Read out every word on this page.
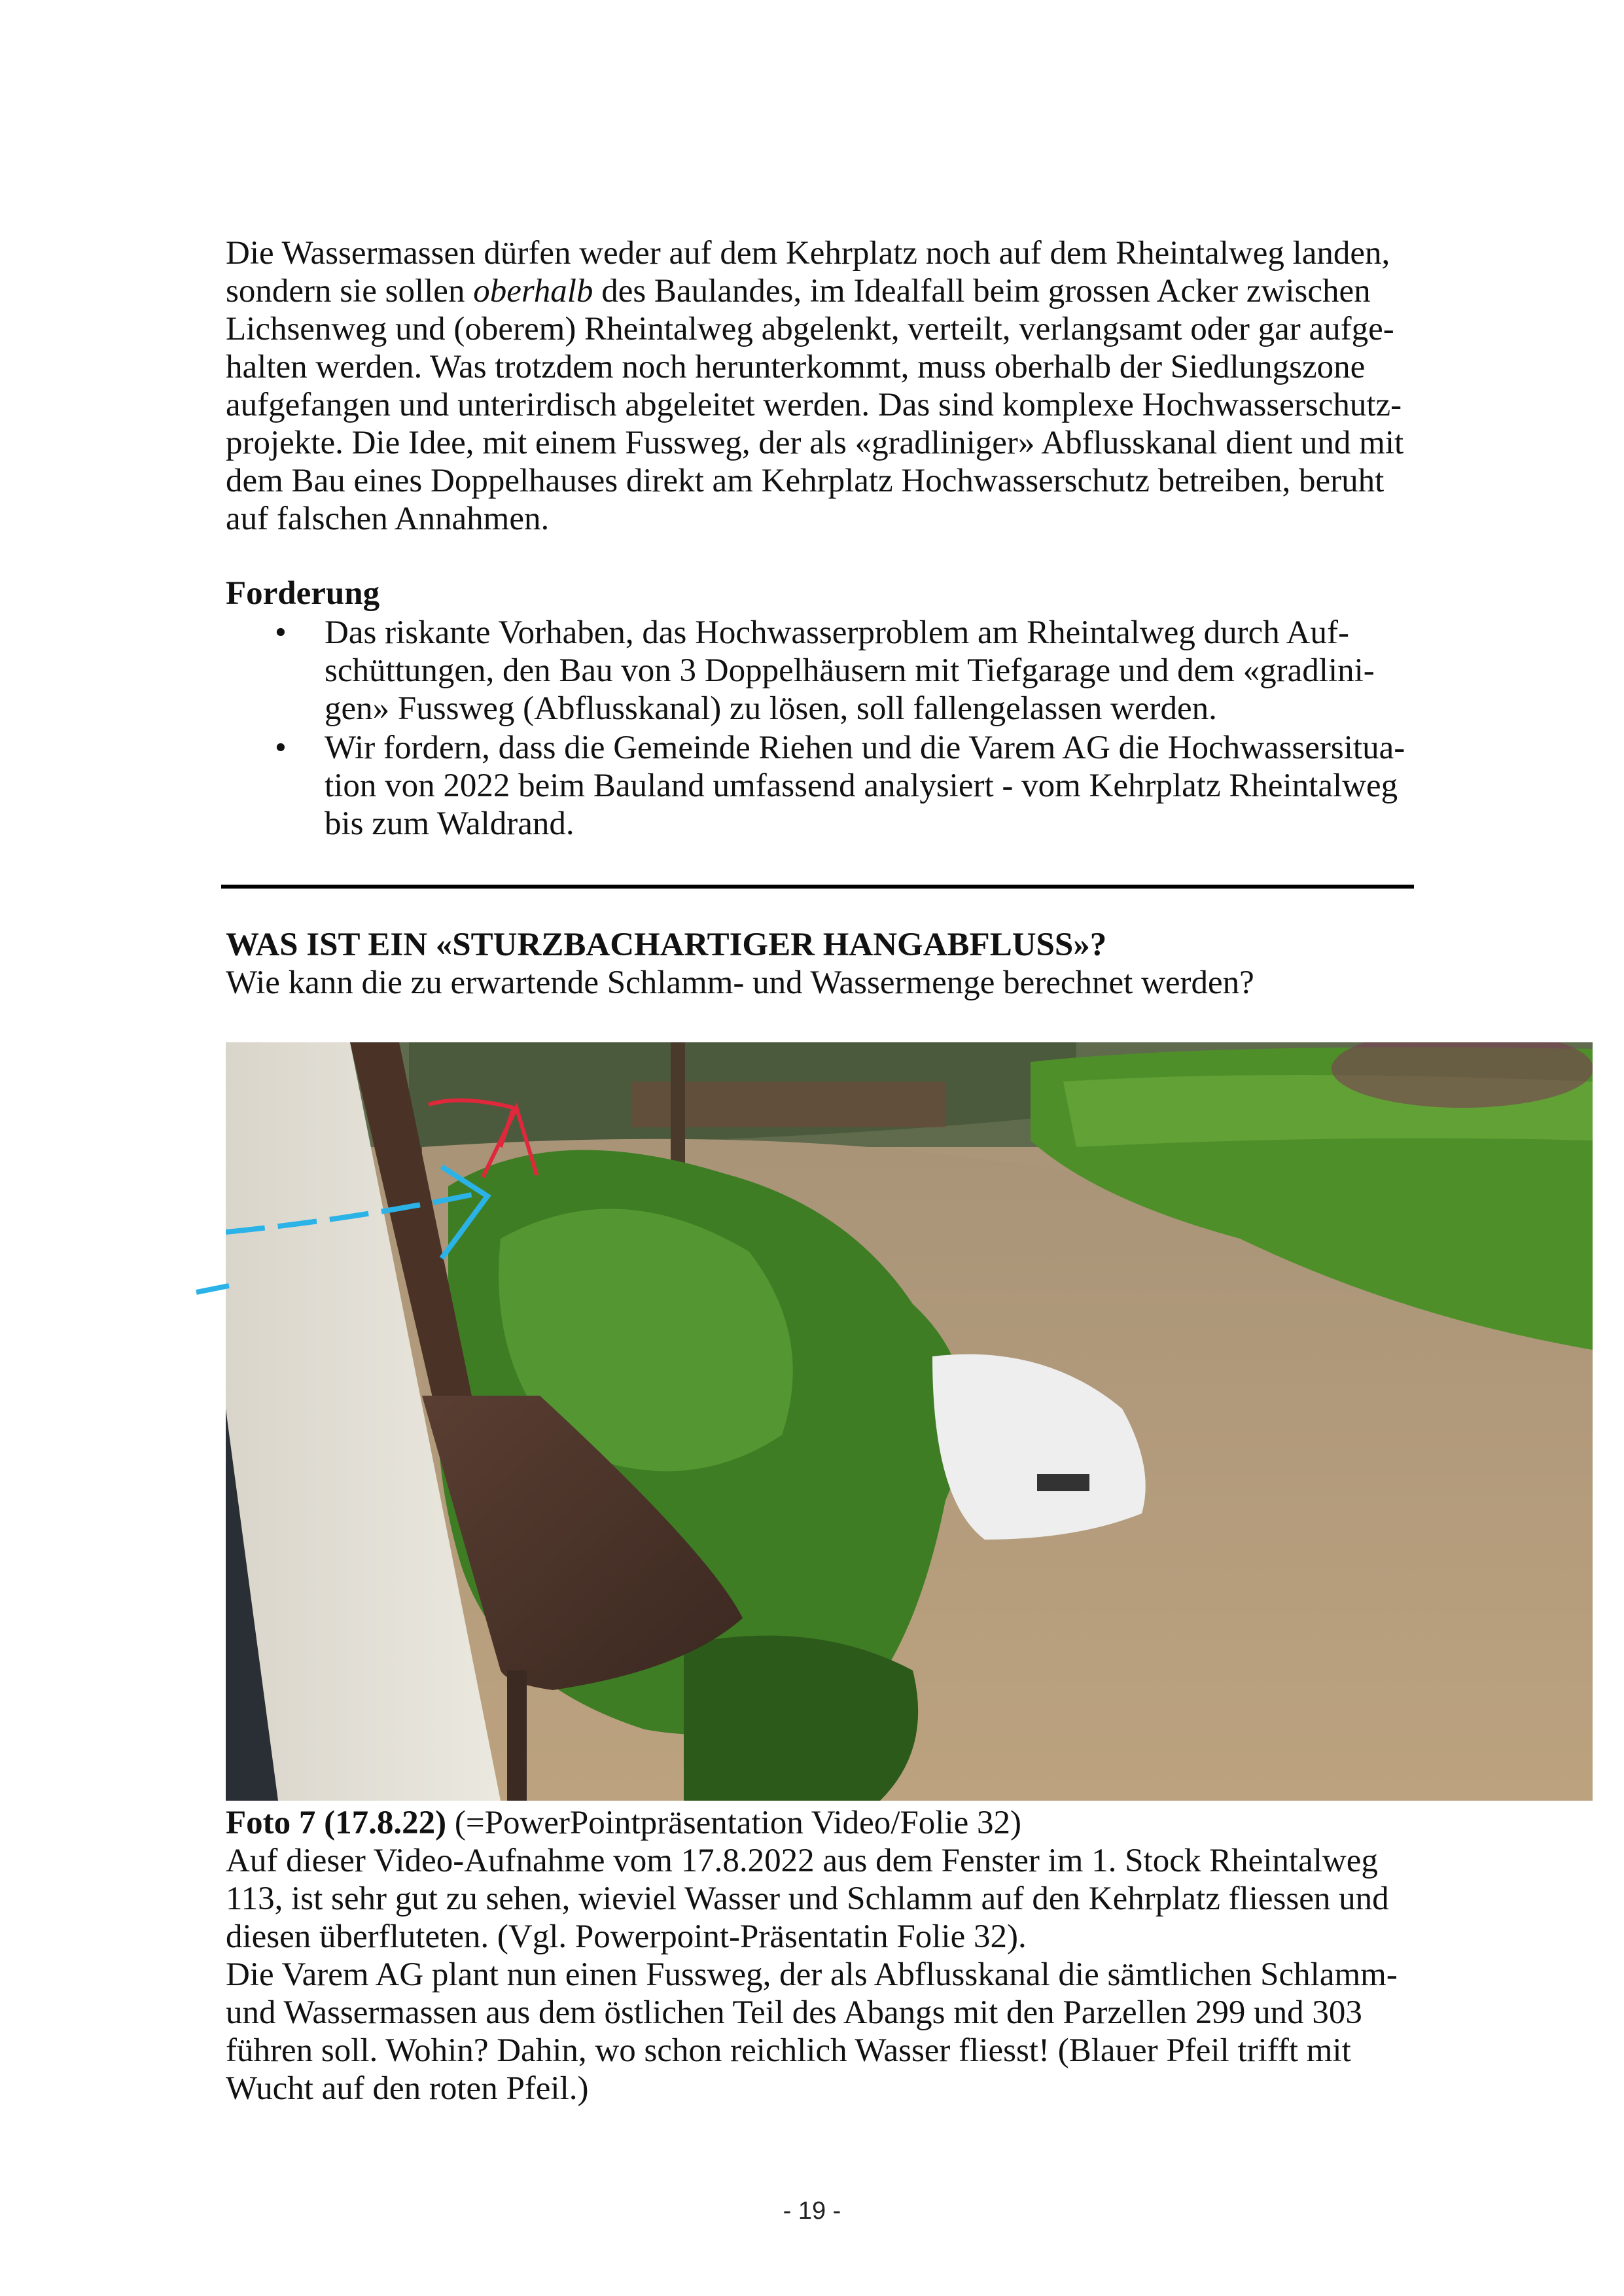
Die Wassermassen dürfen weder auf dem Kehrplatz noch auf dem Rheintalweg landen,
sondern sie sollen oberhalb des Baulandes, im Idealfall beim grossen Acker zwischen
Lichsenweg und (oberem) Rheintalweg abgelenkt, verteilt, verlangsamt oder gar aufge-
halten werden. Was trotzdem noch herunterkommt, muss oberhalb der Siedlungszone
aufgefangen und unterirdisch abgeleitet werden. Das sind komplexe Hochwasserschutz-
projekte. Die Idee, mit einem Fussweg, der als «gradliniger» Abflusskanal dient und mit
dem Bau eines Doppelhauses direkt am Kehrplatz Hochwasserschutz betreiben, beruht
auf falschen Annahmen.
Forderung
• Das riskante Vorhaben, das Hochwasserproblem am Rheintalweg durch Auf-
schüttungen, den Bau von 3 Doppelhäusern mit Tiefgarage und dem «gradlini-
gen» Fussweg (Abflusskanal) zu lösen, soll fallengelassen werden.
• Wir fordern, dass die Gemeinde Riehen und die Varem AG die Hochwassersitua-
tion von 2022 beim Bauland umfassend analysiert - vom Kehrplatz Rheintalweg
bis zum Waldrand.
WAS IST EIN «STURZBACHARTIGER HANGABFLUSS»?
Wie kann die zu erwartende Schlamm- und Wassermenge berechnet werden?
Foto 7 (17.8.22) (=PowerPointpräsentation Video/Folie 32)
Auf dieser Video-Aufnahme vom 17.8.2022 aus dem Fenster im 1. Stock Rheintalweg
113, ist sehr gut zu sehen, wieviel Wasser und Schlamm auf den Kehrplatz fliessen und
diesen überfluteten. (Vgl. Powerpoint-Präsentatin Folie 32).
Die Varem AG plant nun einen Fussweg, der als Abflusskanal die sämtlichen Schlamm-
und Wassermassen aus dem östlichen Teil des Abangs mit den Parzellen 299 und 303
führen soll. Wohin? Dahin, wo schon reichlich Wasser fliesst! (Blauer Pfeil trifft mit
Wucht auf den roten Pfeil.)
- 19 -
